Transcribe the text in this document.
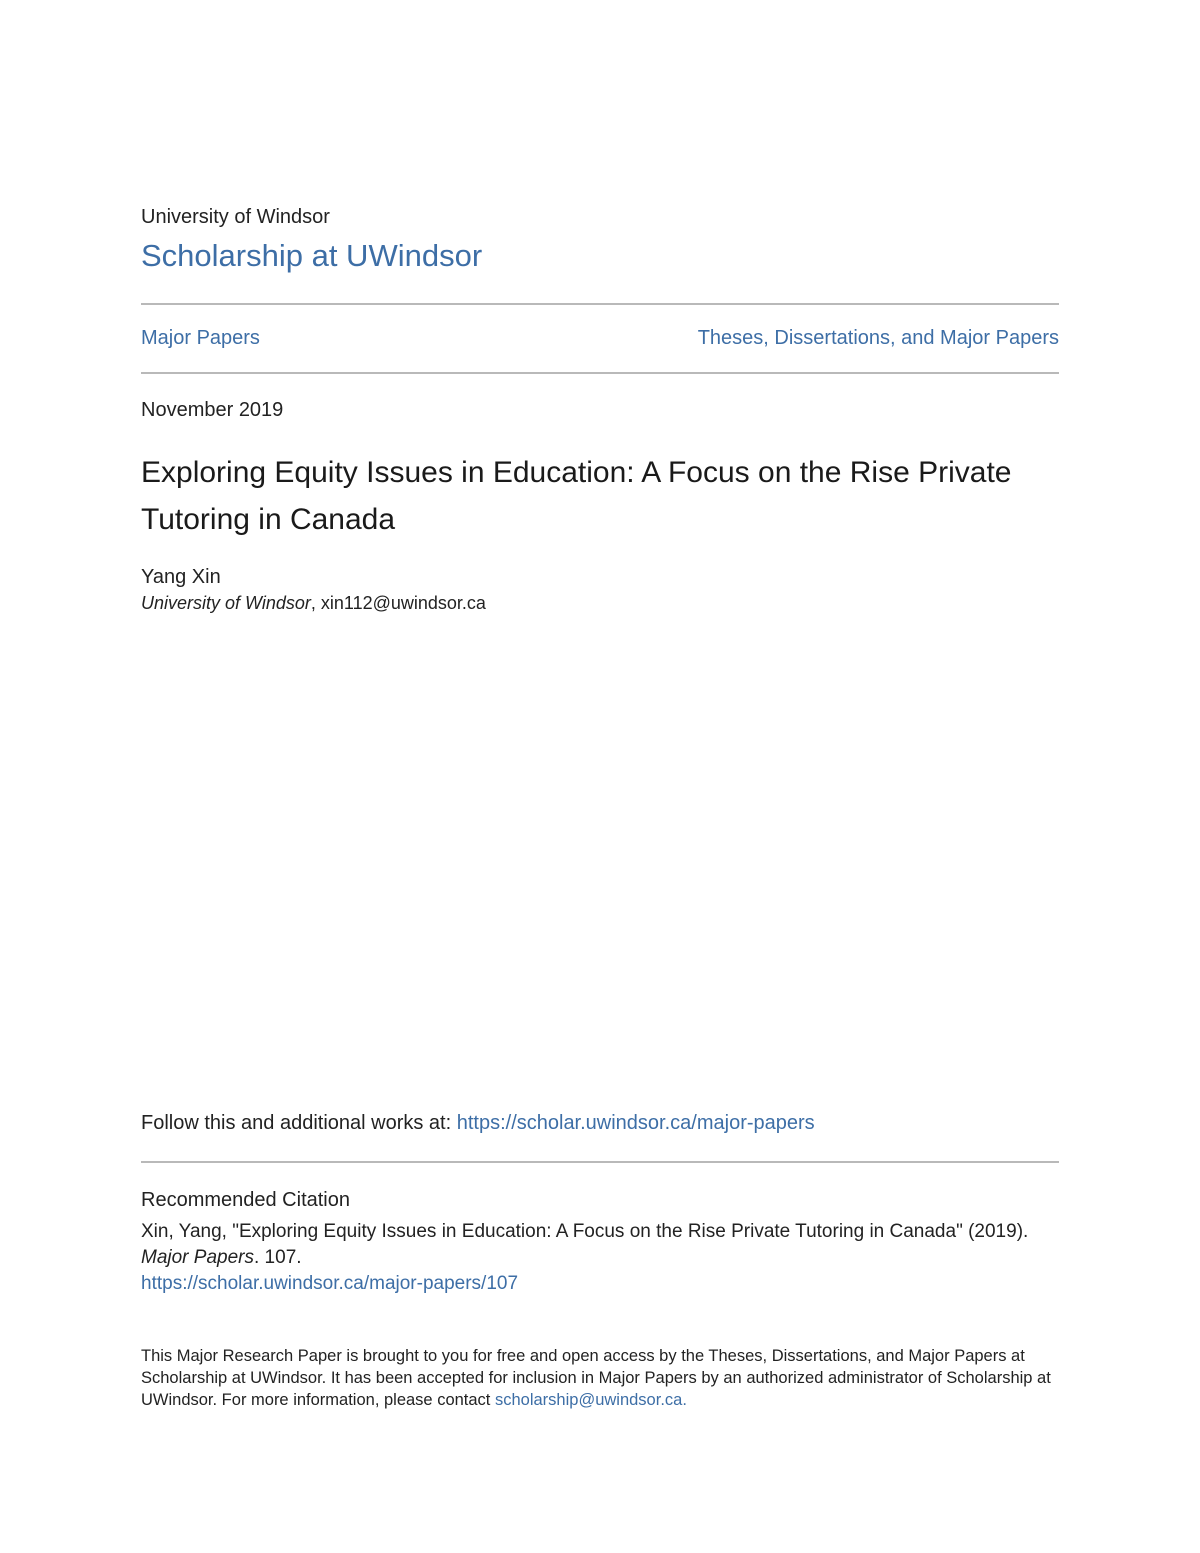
University of Windsor
Scholarship at UWindsor
Major Papers	Theses, Dissertations, and Major Papers
November 2019
Exploring Equity Issues in Education: A Focus on the Rise Private Tutoring in Canada
Yang Xin
University of Windsor, xin112@uwindsor.ca
Follow this and additional works at: https://scholar.uwindsor.ca/major-papers
Recommended Citation
Xin, Yang, "Exploring Equity Issues in Education: A Focus on the Rise Private Tutoring in Canada" (2019).
Major Papers. 107.
https://scholar.uwindsor.ca/major-papers/107
This Major Research Paper is brought to you for free and open access by the Theses, Dissertations, and Major Papers at Scholarship at UWindsor. It has been accepted for inclusion in Major Papers by an authorized administrator of Scholarship at UWindsor. For more information, please contact scholarship@uwindsor.ca.
